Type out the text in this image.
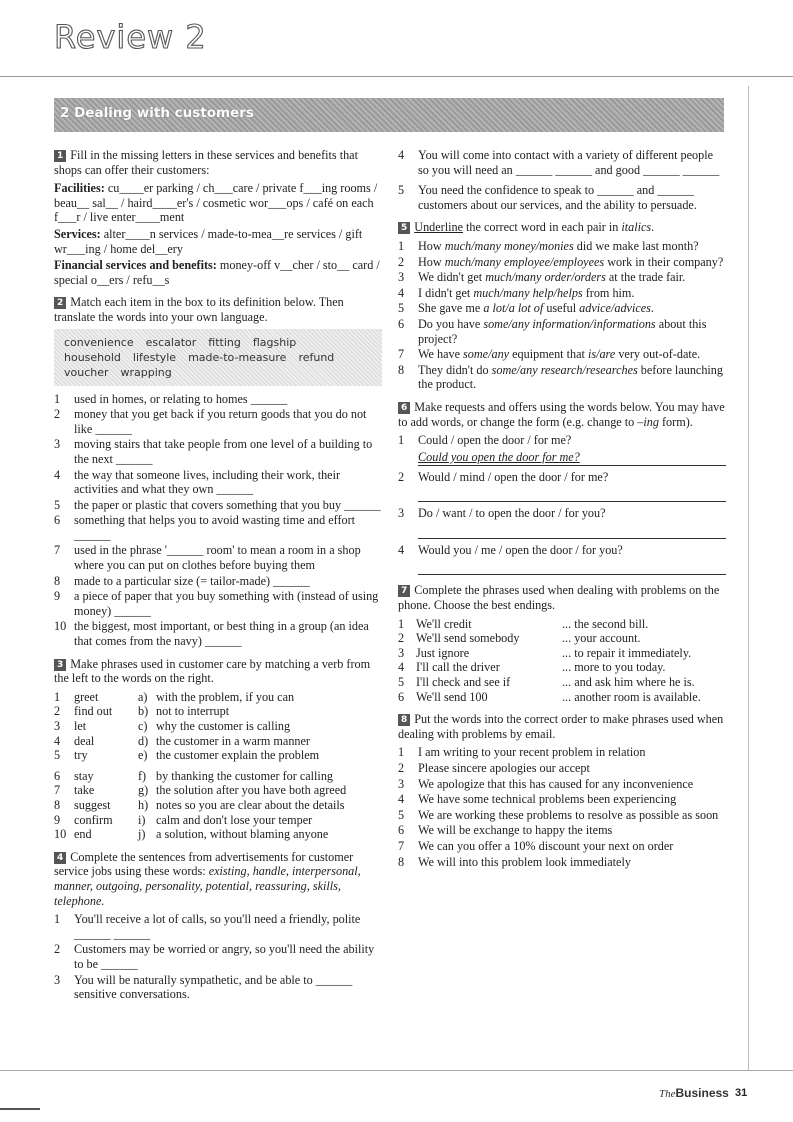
Review 2
2 Dealing with customers
1 Fill in the missing letters in these services and benefits that shops can offer their customers:
Facilities: cu____er parking / ch___care / private f___ing rooms / beau__ sal__ / haird____er's / cosmetic wor___ops / café on each f___r / live enter____ment
Services: alter____n services / made-to-mea__re services / gift wr___ing / home del__ery
Financial services and benefits: money-off v__cher / sto__ card / special o__ers / refu__s
2 Match each item in the box to its definition below. Then translate the words into your own language.
convenience escalator fitting flagship
household lifestyle made-to-measure refund
voucher wrapping
1	used in homes, or relating to homes ______
2	money that you get back if you return goods that you do not like ______
3	moving stairs that take people from one level of a building to the next ______
4	the way that someone lives, including their work, their activities and what they own ______
5	the paper or plastic that covers something that you buy ______
6	something that helps you to avoid wasting time and effort ______
7	used in the phrase '______ room' to mean a room in a shop where you can put on clothes before buying them
8	made to a particular size (= tailor-made) ______
9	a piece of paper that you buy something with (instead of using money) ______
10 the biggest, most important, or best thing in a group (an idea that comes from the navy) ______
3 Make phrases used in customer care by matching a verb from the left to the words on the right.
1	greet	a) with the problem, if you can
2	find out	b) not to interrupt
3	let	c) why the customer is calling
4	deal	d) the customer in a warm manner
5	try	e) the customer explain the problem
6	stay	f) by thanking the customer for calling
7	take	g) the solution after you have both agreed
8	suggest	h) notes so you are clear about the details
9	confirm	i) calm and don't lose your temper
10 end	j) a solution, without blaming anyone
4 Complete the sentences from advertisements for customer service jobs using these words: existing, handle, interpersonal, manner, outgoing, personality, potential, reassuring, skills, telephone.
1	You'll receive a lot of calls, so you'll need a friendly, polite ______ ______
2	Customers may be worried or angry, so you'll need the ability to be ______
3	You will be naturally sympathetic, and be able to ______ sensitive conversations.
4	You will come into contact with a variety of different people so you will need an ______ ______ and good ______ ______
5	You need the confidence to speak to ______ and ______ customers about our services, and the ability to persuade.
5 Underline the correct word in each pair in italics.
1	How much/many money/monies did we make last month?
2	How much/many employee/employees work in their company?
3	We didn't get much/many order/orders at the trade fair.
4	I didn't get much/many help/helps from him.
5	She gave me a lot/a lot of useful advice/advices.
6	Do you have some/any information/informations about this project?
7	We have some/any equipment that is/are very out-of-date.
8	They didn't do some/any research/researches before launching the product.
6 Make requests and offers using the words below. You may have to add words, or change the form (e.g. change to –ing form).
1	Could / open the door / for me?
Could you open the door for me?
2	Would / mind / open the door / for me?
3	Do / want / to open the door / for you?
4	Would you / me / open the door / for you?
7 Complete the phrases used when dealing with problems on the phone. Choose the best endings.
1 We'll credit	... the second bill.
2 We'll send somebody	... your account.
3 Just ignore	... to repair it immediately.
4 I'll call the driver	... more to you today.
5 I'll check and see if	... and ask him where he is.
6 We'll send 100	... another room is available.
8 Put the words into the correct order to make phrases used when dealing with problems by email.
1	I am writing to your recent problem in relation
2	Please sincere apologies our accept
3	We apologize that this has caused for any inconvenience
4	We have some technical problems been experiencing
5	We are working these problems to resolve as possible as soon
6	We will be exchange to happy the items
7	We can you offer a 10% discount your next on order
8	We will into this problem look immediately
TheBusiness 31
